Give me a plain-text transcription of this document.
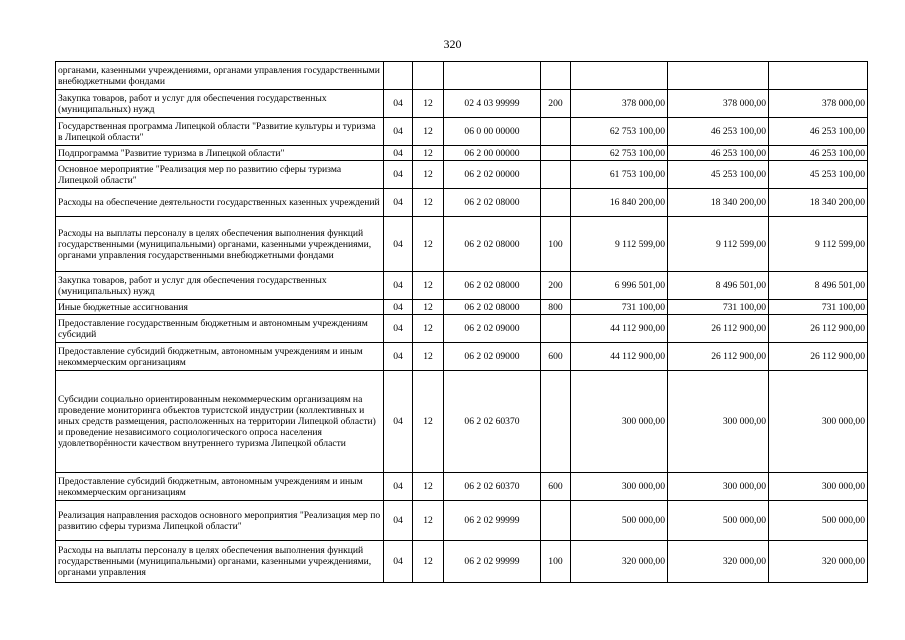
320
органами, казенными учреждениями, органами управления государственными внебюджетными фондами							
Закупка товаров, работ и услуг для обеспечения государственных (муниципальных) нужд	04	12	02 4 03 99999	200	378 000,00	378 000,00	378 000,00
Государственная программа Липецкой области "Развитие культуры и туризма в Липецкой области"	04	12	06 0 00 00000		62 753 100,00	46 253 100,00	46 253 100,00
Подпрограмма "Развитие туризма в Липецкой области"	04	12	06 2 00 00000		62 753 100,00	46 253 100,00	46 253 100,00
Основное мероприятие "Реализация мер по развитию сферы туризма Липецкой области"	04	12	06 2 02 00000		61 753 100,00	45 253 100,00	45 253 100,00
Расходы на обеспечение деятельности государственных казенных учреждений	04	12	06 2 02 08000		16 840 200,00	18 340 200,00	18 340 200,00
Расходы на выплаты персоналу в целях обеспечения выполнения функций государственными (муниципальными) органами, казенными учреждениями, органами управления государственными внебюджетными фондами	04	12	06 2 02 08000	100	9 112 599,00	9 112 599,00	9 112 599,00
Закупка товаров, работ и услуг для обеспечения государственных (муниципальных) нужд	04	12	06 2 02 08000	200	6 996 501,00	8 496 501,00	8 496 501,00
Иные бюджетные ассигнования	04	12	06 2 02 08000	800	731 100,00	731 100,00	731 100,00
Предоставление государственным бюджетным и автономным учреждениям субсидий	04	12	06 2 02 09000		44 112 900,00	26 112 900,00	26 112 900,00
Предоставление субсидий бюджетным, автономным учреждениям и иным некоммерческим организациям	04	12	06 2 02 09000	600	44 112 900,00	26 112 900,00	26 112 900,00
Субсидии социально ориентированным некоммерческим организациям на проведение мониторинга объектов туристской индустрии (коллективных и иных средств размещения, расположенных на территории Липецкой области) и проведение независимого социологического опроса населения удовлетворённости качеством внутреннего туризма Липецкой области	04	12	06 2 02 60370		300 000,00	300 000,00	300 000,00
Предоставление субсидий бюджетным, автономным учреждениям и иным некоммерческим организациям	04	12	06 2 02 60370	600	300 000,00	300 000,00	300 000,00
Реализация направления расходов основного мероприятия "Реализация мер по развитию сферы туризма Липецкой области"	04	12	06 2 02 99999		500 000,00	500 000,00	500 000,00
Расходы на выплаты персоналу в целях обеспечения выполнения функций государственными (муниципальными) органами, казенными учреждениями, органами управления	04	12	06 2 02 99999	100	320 000,00	320 000,00	320 000,00
